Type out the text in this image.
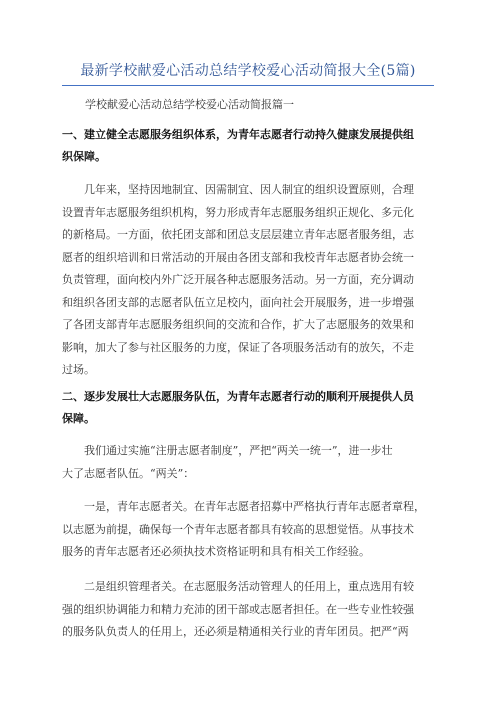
最新学校献爱心活动总结学校爱心活动简报大全(5篇)
学校献爱心活动总结学校爱心活动简报篇一
一、建立健全志愿服务组织体系，为青年志愿者行动持久健康发展提供组
织保障。
几年来，坚持因地制宜、因需制宜、因人制宜的组织设置原则，合理
设置青年志愿服务组织机构，努力形成青年志愿服务组织正规化、多元化
的新格局。一方面，依托团支部和团总支层层建立青年志愿者服务组，志
愿者的组织培训和日常活动的开展由各团支部和我校青年志愿者协会统一
负责管理，面向校内外广泛开展各种志愿服务活动。另一方面，充分调动
和组织各团支部的志愿者队伍立足校内，面向社会开展服务，进一步增强
了各团支部青年志愿服务组织间的交流和合作，扩大了志愿服务的效果和
影响，加大了参与社区服务的力度，保证了各项服务活动有的放矢，不走
过场。
二、逐步发展壮大志愿服务队伍，为青年志愿者行动的顺利开展提供人员
保障。
我们通过实施“注册志愿者制度”，严把“两关一统一”，进一步壮
大了志愿者队伍。“两关”：
一是，青年志愿者关。在青年志愿者招募中严格执行青年志愿者章程，
以志愿为前提，确保每一个青年志愿者都具有较高的思想觉悟。从事技术
服务的青年志愿者还必须执技术资格证明和具有相关工作经验。
二是组织管理者关。在志愿服务活动管理人的任用上，重点选用有较
强的组织协调能力和精力充沛的团干部或志愿者担任。在一些专业性较强
的服务队负责人的任用上，还必须是精通相关行业的青年团员。把严“两
